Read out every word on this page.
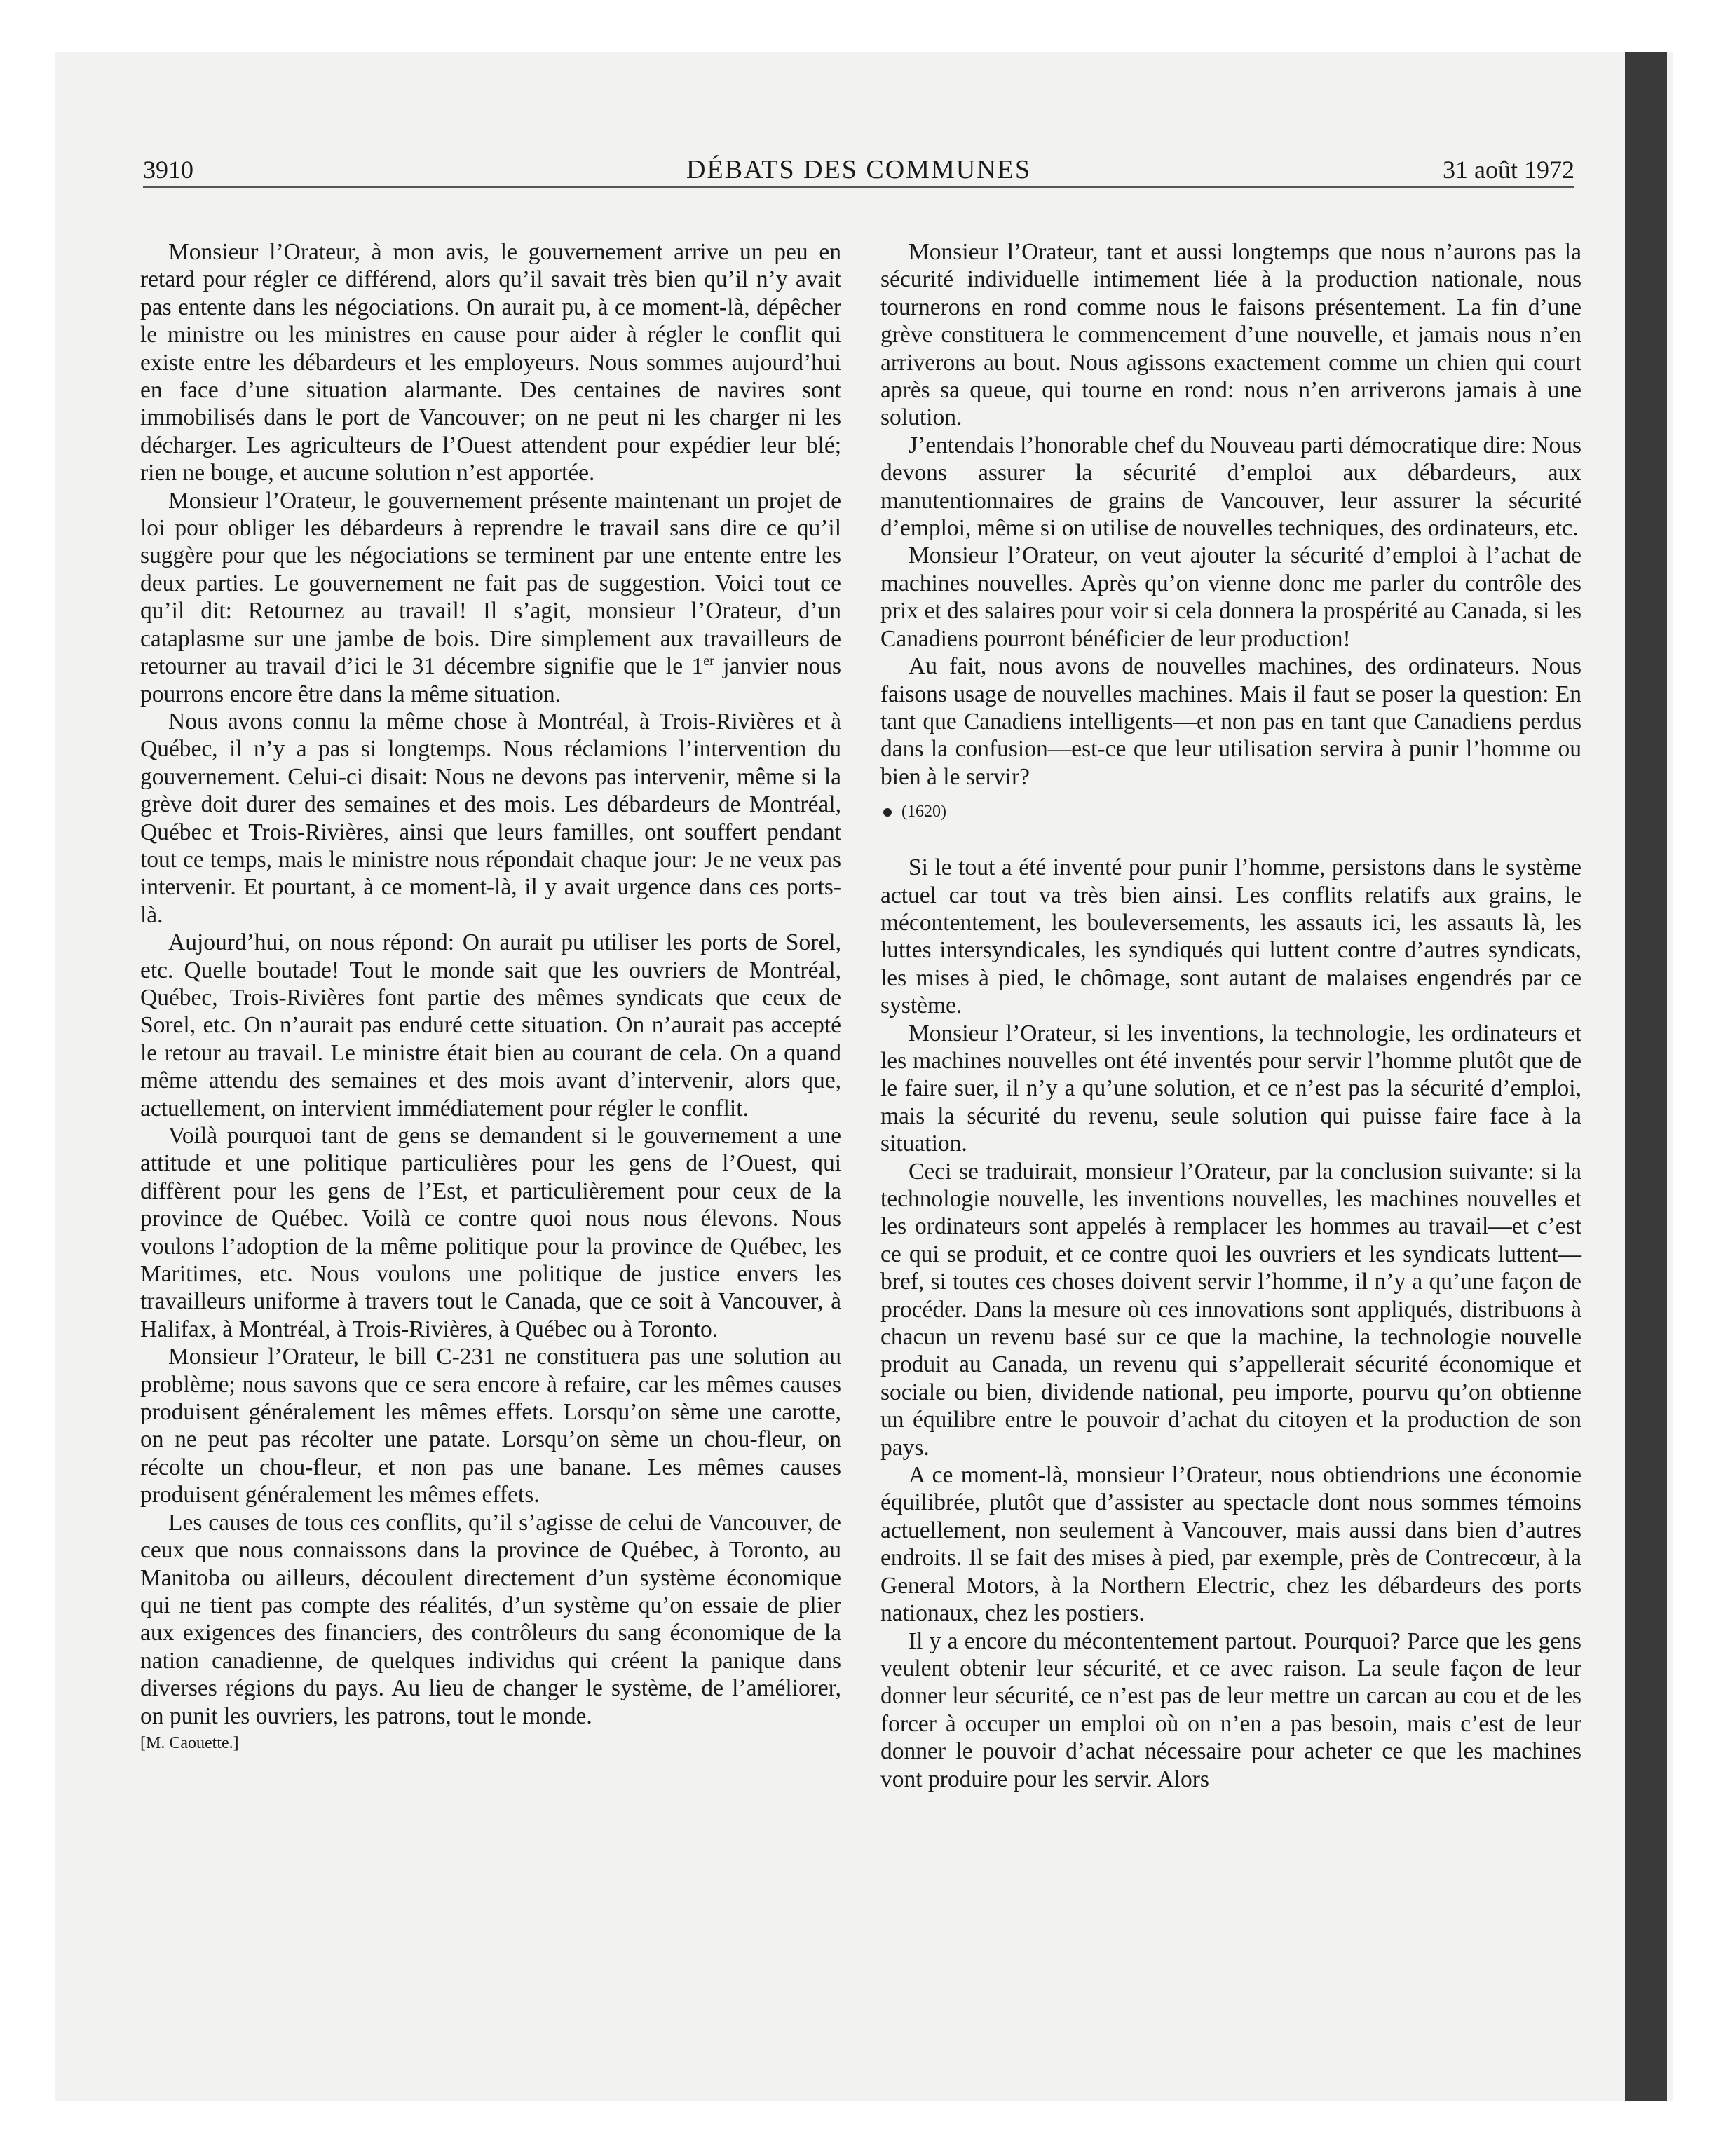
3910	DÉBATS DES COMMUNES	31 août 1972

Monsieur l’Orateur, à mon avis, le gouvernement arrive un peu en retard pour régler ce différend, alors qu’il savait très bien qu’il n’y avait pas entente dans les négociations. On aurait pu, à ce moment-là, dépêcher le ministre ou les ministres en cause pour aider à régler le conflit qui existe entre les débardeurs et les employeurs. Nous sommes aujourd’hui en face d’une situation alarmante. Des centaines de navires sont immobilisés dans le port de Vancouver; on ne peut ni les charger ni les décharger. Les agriculteurs de l’Ouest attendent pour expédier leur blé; rien ne bouge, et aucune solution n’est apportée.

Monsieur l’Orateur, le gouvernement présente maintenant un projet de loi pour obliger les débardeurs à reprendre le travail sans dire ce qu’il suggère pour que les négociations se terminent par une entente entre les deux parties. Le gouvernement ne fait pas de suggestion. Voici tout ce qu’il dit: Retournez au travail! Il s’agit, monsieur l’Orateur, d’un cataplasme sur une jambe de bois. Dire simplement aux travailleurs de retourner au travail d’ici le 31 décembre signifie que le 1er janvier nous pourrons encore être dans la même situation.

Nous avons connu la même chose à Montréal, à Trois-Rivières et à Québec, il n’y a pas si longtemps. Nous réclamions l’intervention du gouvernement. Celui-ci disait: Nous ne devons pas intervenir, même si la grève doit durer des semaines et des mois. Les débardeurs de Montréal, Québec et Trois-Rivières, ainsi que leurs familles, ont souffert pendant tout ce temps, mais le ministre nous répondait chaque jour: Je ne veux pas intervenir. Et pourtant, à ce moment-là, il y avait urgence dans ces ports-là.

Aujourd’hui, on nous répond: On aurait pu utiliser les ports de Sorel, etc. Quelle boutade! Tout le monde sait que les ouvriers de Montréal, Québec, Trois-Rivières font partie des mêmes syndicats que ceux de Sorel, etc. On n’aurait pas enduré cette situation. On n’aurait pas accepté le retour au travail. Le ministre était bien au courant de cela. On a quand même attendu des semaines et des mois avant d’intervenir, alors que, actuellement, on intervient immédiatement pour régler le conflit.

Voilà pourquoi tant de gens se demandent si le gouvernement a une attitude et une politique particulières pour les gens de l’Ouest, qui diffèrent pour les gens de l’Est, et particulièrement pour ceux de la province de Québec. Voilà ce contre quoi nous nous élevons. Nous voulons l’adoption de la même politique pour la province de Québec, les Maritimes, etc. Nous voulons une politique de justice envers les travailleurs uniforme à travers tout le Canada, que ce soit à Vancouver, à Halifax, à Montréal, à Trois-Rivières, à Québec ou à Toronto.

Monsieur l’Orateur, le bill C-231 ne constituera pas une solution au problème; nous savons que ce sera encore à refaire, car les mêmes causes produisent généralement les mêmes effets. Lorsqu’on sème une carotte, on ne peut pas récolter une patate. Lorsqu’on sème un chou-fleur, on récolte un chou-fleur, et non pas une banane. Les mêmes causes produisent généralement les mêmes effets.

Les causes de tous ces conflits, qu’il s’agisse de celui de Vancouver, de ceux que nous connaissons dans la province de Québec, à Toronto, au Manitoba ou ailleurs, découlent directement d’un système économique qui ne tient pas compte des réalités, d’un système qu’on essaie de plier aux exigences des financiers, des contrôleurs du sang économique de la nation canadienne, de quelques individus qui créent la panique dans diverses régions du pays. Au lieu de changer le système, de l’améliorer, on punit les ouvriers, les patrons, tout le monde.

[M. Caouette.]

Monsieur l’Orateur, tant et aussi longtemps que nous n’aurons pas la sécurité individuelle intimement liée à la production nationale, nous tournerons en rond comme nous le faisons présentement. La fin d’une grève constituera le commencement d’une nouvelle, et jamais nous n’en arriverons au bout. Nous agissons exactement comme un chien qui court après sa queue, qui tourne en rond: nous n’en arriverons jamais à une solution.

J’entendais l’honorable chef du Nouveau parti démocratique dire: Nous devons assurer la sécurité d’emploi aux débardeurs, aux manutentionnaires de grains de Vancouver, leur assurer la sécurité d’emploi, même si on utilise de nouvelles techniques, des ordinateurs, etc.

Monsieur l’Orateur, on veut ajouter la sécurité d’emploi à l’achat de machines nouvelles. Après qu’on vienne donc me parler du contrôle des prix et des salaires pour voir si cela donnera la prospérité au Canada, si les Canadiens pourront bénéficier de leur production!

Au fait, nous avons de nouvelles machines, des ordinateurs. Nous faisons usage de nouvelles machines. Mais il faut se poser la question: En tant que Canadiens intelligents—et non pas en tant que Canadiens perdus dans la confusion—est-ce que leur utilisation servira à punir l’homme ou bien à le servir?

(1620)

Si le tout a été inventé pour punir l’homme, persistons dans le système actuel car tout va très bien ainsi. Les conflits relatifs aux grains, le mécontentement, les bouleversements, les assauts ici, les assauts là, les luttes intersyndicales, les syndiqués qui luttent contre d’autres syndicats, les mises à pied, le chômage, sont autant de malaises engendrés par ce système.

Monsieur l’Orateur, si les inventions, la technologie, les ordinateurs et les machines nouvelles ont été inventés pour servir l’homme plutôt que de le faire suer, il n’y a qu’une solution, et ce n’est pas la sécurité d’emploi, mais la sécurité du revenu, seule solution qui puisse faire face à la situation.

Ceci se traduirait, monsieur l’Orateur, par la conclusion suivante: si la technologie nouvelle, les inventions nouvelles, les machines nouvelles et les ordinateurs sont appelés à remplacer les hommes au travail—et c’est ce qui se produit, et ce contre quoi les ouvriers et les syndicats luttent—bref, si toutes ces choses doivent servir l’homme, il n’y a qu’une façon de procéder. Dans la mesure où ces innovations sont appliqués, distribuons à chacun un revenu basé sur ce que la machine, la technologie nouvelle produit au Canada, un revenu qui s’appellerait sécurité économique et sociale ou bien, dividende national, peu importe, pourvu qu’on obtienne un équilibre entre le pouvoir d’achat du citoyen et la production de son pays.

A ce moment-là, monsieur l’Orateur, nous obtiendrions une économie équilibrée, plutôt que d’assister au spectacle dont nous sommes témoins actuellement, non seulement à Vancouver, mais aussi dans bien d’autres endroits. Il se fait des mises à pied, par exemple, près de Contrecœur, à la General Motors, à la Northern Electric, chez les débardeurs des ports nationaux, chez les postiers.

Il y a encore du mécontentement partout. Pourquoi? Parce que les gens veulent obtenir leur sécurité, et ce avec raison. La seule façon de leur donner leur sécurité, ce n’est pas de leur mettre un carcan au cou et de les forcer à occuper un emploi où on n’en a pas besoin, mais c’est de leur donner le pouvoir d’achat nécessaire pour acheter ce que les machines vont produire pour les servir. Alors
